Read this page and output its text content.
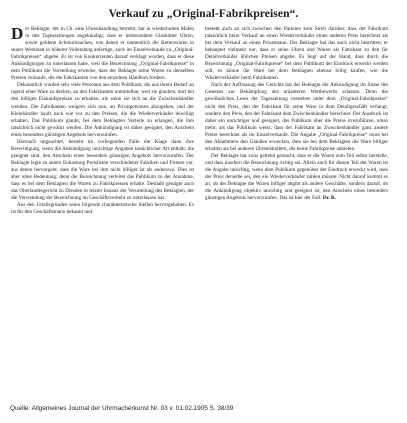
Verkauf zu „Original-Fabrikpreisen“.

Der Beklagte, der in Ch. eine Uhrenhandlung betreibt, hat in wiederholten Malen in den Tageszeitungen angekündigt, dass er insbesondere Glashütter Uhren, sowie goldene Schmucksachen, von denen er namentlich die Kettenwaren in seiner Werkstatt in höherer Vollendung anfertige, auch im Einzelverkaufe zu „Original-Fabrikpreisen“ abgebe. Er ist von Konkurrenten darauf verklagt worden, dass er diese Ankündigungen zu unterlassen habe, weil die Bezeichnung „Original-Fabrikpreise“ in dem Publikum die Vorstellung erwecke, dass der Beklagte seine Waren zu denselben Preisen verkaufe, die die Fabrikanten von den einzelnen Händlern fordern.

Dekanntlich wurden sehr viele Personen aus dem Publikum, die aus ihrem Bedarf an irgend einer Ware zu decken, an den Fabrikanten unmittelbar, weil sie glauben, dort bei den billigen Einkaufspreisen zu erhalten, als wenn sie sich an die Zwischenhändler wenden. Die Fabrikanten weigern sich nun, an Privatpersonen abzugeben, und der Kleinhändler kauft nach wie vor zu den Preisen, die die Wiederverkäufer bewilligt erhalten. Das Publikum glaubt, bei dem Beklagten Vorteile zu erlangen, die ihm tatsächlich nicht gewährt werden. Die Ankündigung ist daher geeignet, den Anschein eines besonders günstigen Angebots hervorzurufen.

Hiernach ungeachtet, besteht im vorliegenden Falle die Klage dann ihre Berechtigung, wenn die Ankündigung unrichtige Angaben tatsächlicher Art enthält, die geeignet sind, den Anschein eines besonders günstigen Angebots hervorzurufen. Der Beklagte legte zu seiner Entlastung Preislisten verschiedener Fabriken und Firmen vor, aus denen hervorgeht, dass die Ware bei ihm nicht billiger ist als anderswo. Dies ist aber ohne Bedeutung; denn die Bezeichnung verleitet das Publikum zu der Annahme, dass es bei dem Beklagten die Waren zu Fabrikpreisen erhalte. Deshalb genügte auch das Oberlandesgericht zu Dresden in letzter Instanz der Verurteilung des Beklagten, der die Verwendung der Bezeichnung im Geschäftsverkehr zu unterlassen hat.

Aus den Urteilsgründen seien folgende charakteristische Stellen hervorgehoben. Es ist für den Geschäftsmann bekannt und

besteht auch an sich zwischen den Parteien kein Streit darüber, dass der Fabrikant tatsächlich beim Verkauf an einen Wiederverkäufer einen anderen Preis berechnet als bei dem Verkauf an einen Privatmann. Der Beklagte hat das auch nicht bestritten; er behauptet vielmehr nur, dass er seine Uhren und Waren als Fabrikant zu den für Detailverkäufer üblichen Preisen abgebe. Es liegt auf der Hand, dass durch die Bezeichnung „Original-Fabrikpreise“ bei dem Publikum der Eindruck erweckt werden soll, es könne die Ware bei dem Beklagten ebenso billig kaufen, wie die Wiederverkäufer beim Fabrikanten.

Nach der Auffassung des Gerichts hat der Beklagte die Ankündigung im Sinne des Gesetzes zur Bekämpfung des unlauteren Wettbewerbs erlassen. Denn die gewöhnlichen Leser der Tageszeitung verstehen unter dem „Original-Fabrikpreise“ nicht den Preis, den der Fabrikant für seine Ware in dem Detailgeschäft verlangt, sondern den Preis, den der Fabrikant dem Zwischenhändler berechnet. Der Ausdruck ist daher ein unrichtiger und geeignet, das Publikum über die Preise irrezuführen, umso mehr, als das Publikum weiss, dass der Fabrikant an Zwischenhändler ganz andere Preise berechnet als im Einzelverkaufe. Die Angabe „Original-Fabrikpreise“ muss bei den Abnehmern den Glauben erwecken, dass sie bei dem Beklagten die Ware billiger erhalten als bei anderen Uhrenhändlern, die keine Fabrikpreise anbieten.

Der Beklagte hat zwar geltend gemacht, dass er die Waren zum Teil selbst herstelle, und dass insofern die Bezeichnung richtig sei. Allein auch für diesen Teil der Waren ist die Angabe unrichtig, wenn dem Publikum gegenüber der Eindruck erweckt wird, dass der Preis derselbe sei, den ein Wiederverkäufer zahlen müsste. Nicht darauf kommt es an, ob der Beklagte die Waren billiger abgibt als andere Geschäfte, sondern darauf, ob die Ankündigung objektiv unrichtig und geeignet ist, den Anschein eines besonders günstigen Angebots hervorzurufen. Das ist hier der Fall. Dr. B.

Quelle: Allgemeines Journal der Uhrmacherkunst Nr. 03 v. 01.02.1905 S. 38/39
